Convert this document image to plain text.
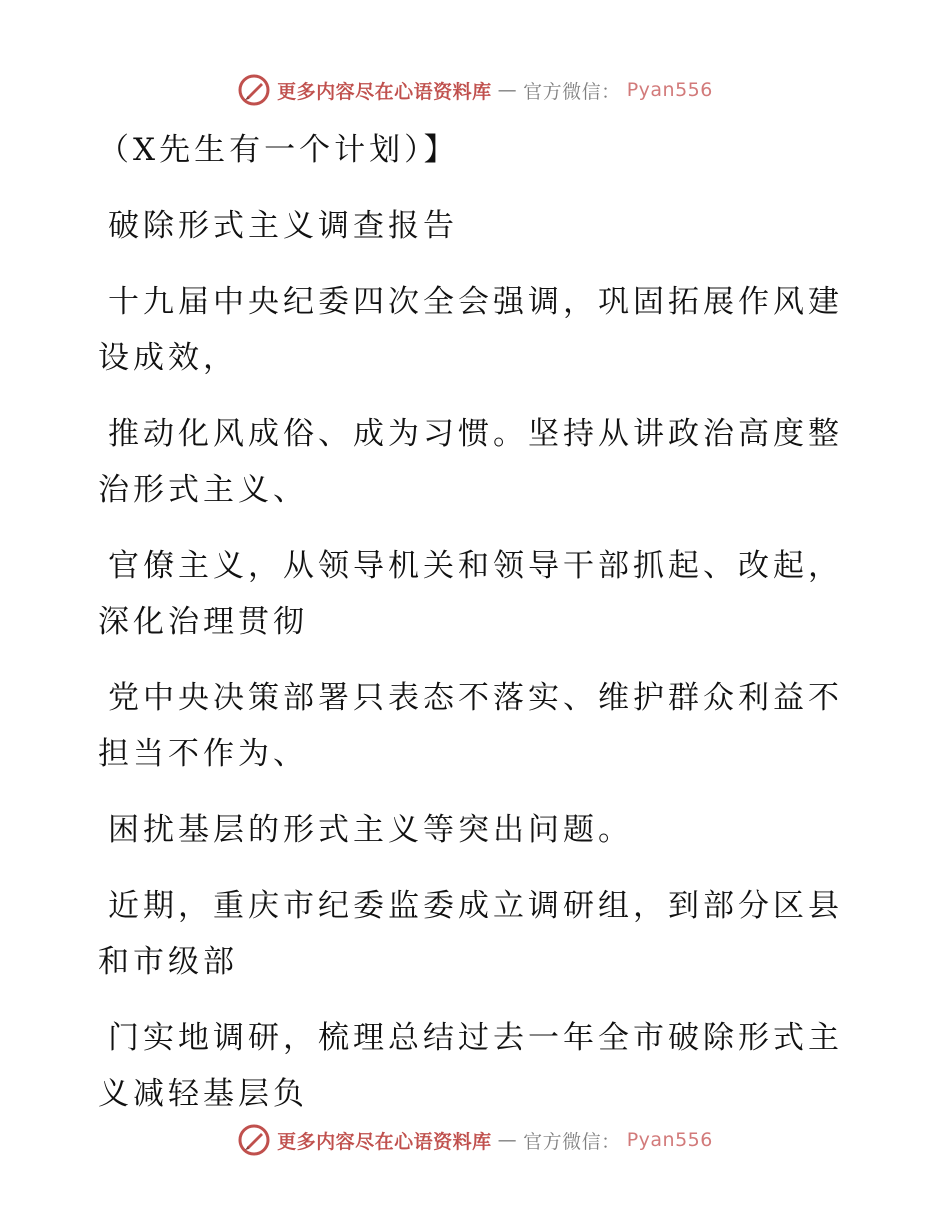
更多内容尽在心语资料库 — 官方微信： Pyan556
（X先生有一个计划）】
破除形式主义调查报告
十九届中央纪委四次全会强调，巩固拓展作风建
设成效，
推动化风成俗、成为习惯。坚持从讲政治高度整
治形式主义、
官僚主义，从领导机关和领导干部抓起、改起，
深化治理贯彻
党中央决策部署只表态不落实、维护群众利益不
担当不作为、
困扰基层的形式主义等突出问题。
近期，重庆市纪委监委成立调研组，到部分区县
和市级部
门实地调研，梳理总结过去一年全市破除形式主
义减轻基层负
更多内容尽在心语资料库 — 官方微信： Pyan556
